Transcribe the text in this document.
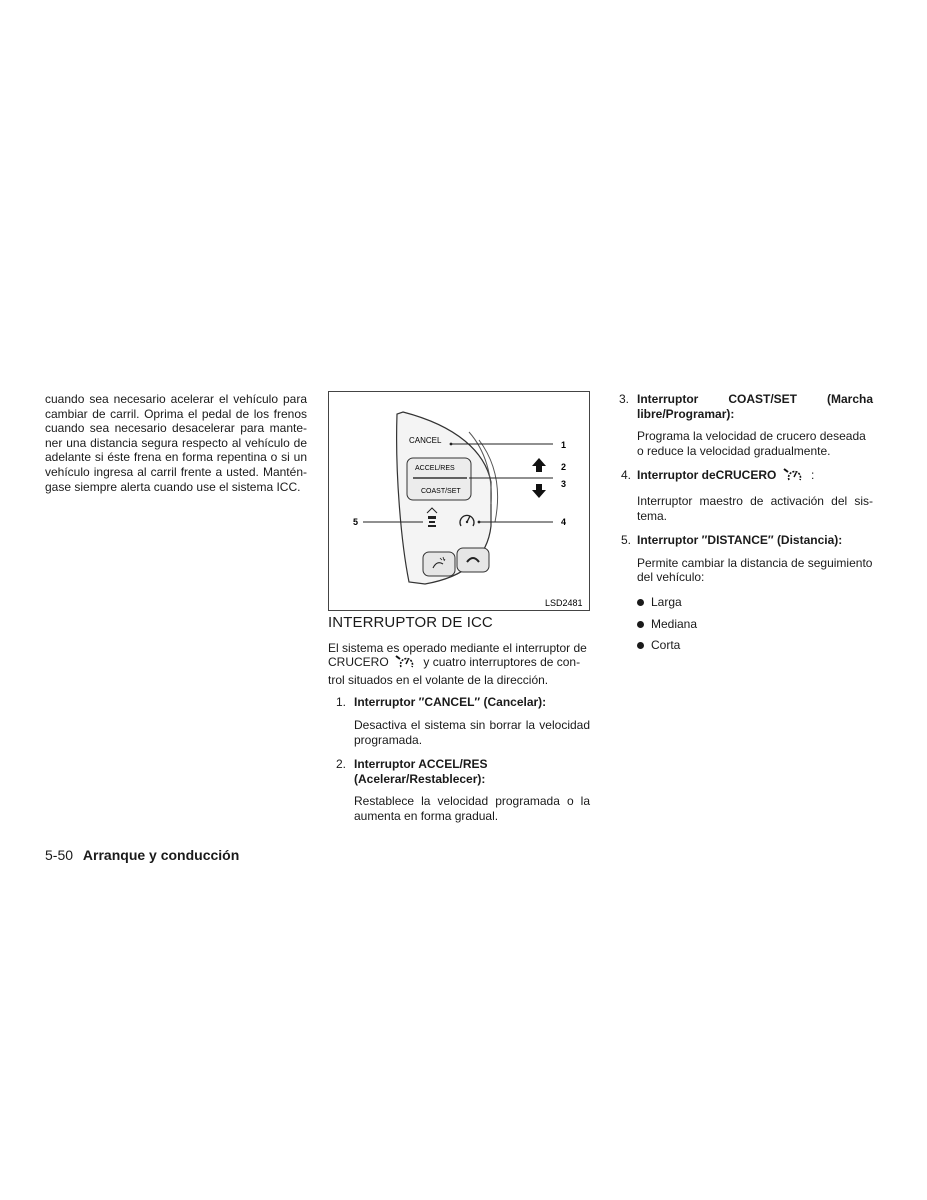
cuando sea necesario acelerar el vehículo para cambiar de carril. Oprima el pedal de los frenos cuando sea necesario desacelerar para mante- ner una distancia segura respecto al vehículo de adelante si éste frena en forma repentina o si un vehículo ingresa al carril frente a usted. Mantén- gase siempre alerta cuando use el sistema ICC.

CANCEL
ACCEL/RES
COAST/SET
1
2
3
4
5
LSD2481
INTERRUPTOR DE ICC

El sistema es operado mediante el interruptor de CRUCERO	y cuatro interruptores de con- trol situados en el volante de la dirección.

1. Interruptor ″CANCEL″ (Cancelar):

Desactiva el sistema sin borrar la velocidad programada.

2. Interruptor ACCEL/RES (Acelerar/Restablecer):

Restablece la velocidad programada o la aumenta en forma gradual.

3. Interruptor COAST/SET (Marcha libre/Programar):

Programa la velocidad de crucero deseada o reduce la velocidad gradualmente.

4. Interruptor deCRUCERO	:

Interruptor maestro de activación del sis- tema.

5. Interruptor ″DISTANCE″ (Distancia):

Permite cambiar la distancia de seguimiento del vehículo:

Larga
Mediana
Corta
5-50 Arranque y conducción
